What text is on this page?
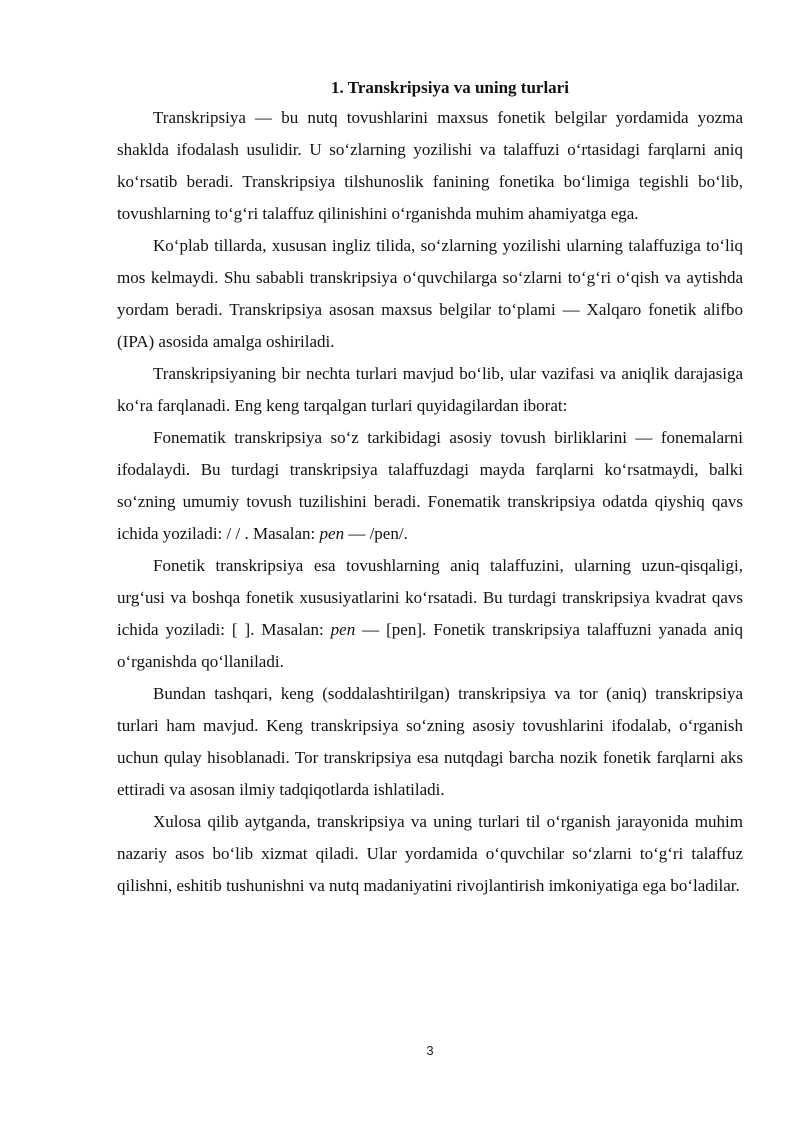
1. Transkripsiya va uning turlari

Transkripsiya — bu nutq tovushlarini maxsus fonetik belgilar yordamida yozma shaklda ifodalash usulidir. U so‘zlarning yozilishi va talaffuzi o‘rtasidagi farqlarni aniq ko‘rsatib beradi. Transkripsiya tilshunoslik fanining fonetika bo‘limiga tegishli bo‘lib, tovushlarning to‘g‘ri talaffuz qilinishini o‘rganishda muhim ahamiyatga ega.

Ko‘plab tillarda, xususan ingliz tilida, so‘zlarning yozilishi ularning talaffuziga to‘liq mos kelmaydi. Shu sababli transkripsiya o‘quvchilarga so‘zlarni to‘g‘ri o‘qish va aytishda yordam beradi. Transkripsiya asosan maxsus belgilar to‘plami — Xalqaro fonetik alifbo (IPA) asosida amalga oshiriladi.

Transkripsiyaning bir nechta turlari mavjud bo‘lib, ular vazifasi va aniqlik darajasiga ko‘ra farqlanadi. Eng keng tarqalgan turlari quyidagilardan iborat:

Fonematik transkripsiya so‘z tarkibidagi asosiy tovush birliklarini — fonemalarni ifodalaydi. Bu turdagi transkripsiya talaffuzdagi mayda farqlarni ko‘rsatmaydi, balki so‘zning umumiy tovush tuzilishini beradi. Fonematik transkripsiya odatda qiyshiq qavs ichida yoziladi: / / . Masalan: pen — /pen/.

Fonetik transkripsiya esa tovushlarning aniq talaffuzini, ularning uzun-qisqaligi, urg‘usi va boshqa fonetik xususiyatlarini ko‘rsatadi. Bu turdagi transkripsiya kvadrat qavs ichida yoziladi: [ ]. Masalan: pen — [pen]. Fonetik transkripsiya talaffuzni yanada aniq o‘rganishda qo‘llaniladi.

Bundan tashqari, keng (soddalashtirilgan) transkripsiya va tor (aniq) transkripsiya turlari ham mavjud. Keng transkripsiya so‘zning asosiy tovushlarini ifodalab, o‘rganish uchun qulay hisoblanadi. Tor transkripsiya esa nutqdagi barcha nozik fonetik farqlarni aks ettiradi va asosan ilmiy tadqiqotlarda ishlatiladi.

Xulosa qilib aytganda, transkripsiya va uning turlari til o‘rganish jarayonida muhim nazariy asos bo‘lib xizmat qiladi. Ular yordamida o‘quvchilar so‘zlarni to‘g‘ri talaffuz qilishni, eshitib tushunishni va nutq madaniyatini rivojlantirish imkoniyatiga ega bo‘ladilar.

3
